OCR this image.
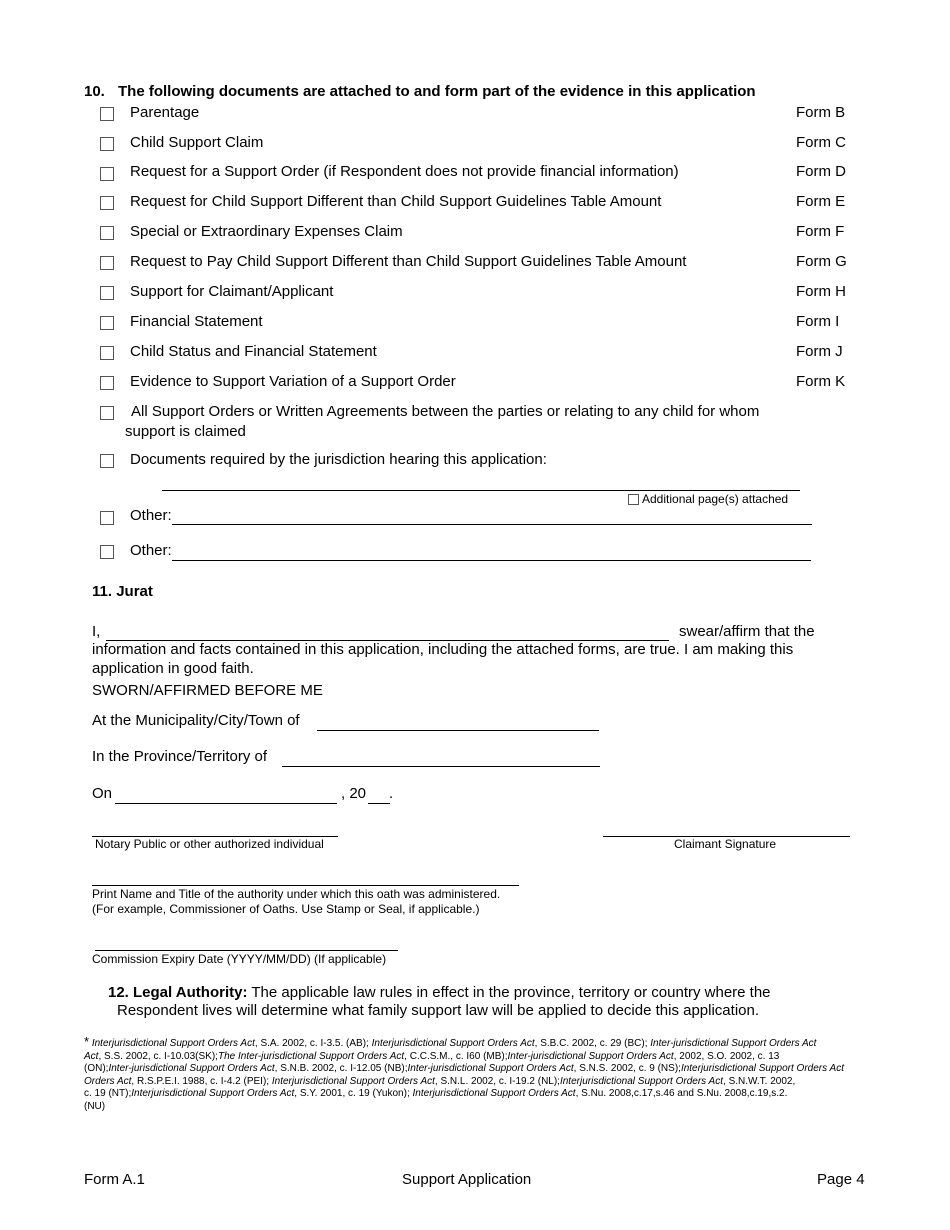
10. The following documents are attached to and form part of the evidence in this application
Parentage	Form B
Child Support Claim	Form C
Request for a Support Order (if Respondent does not provide financial information)	Form D
Request for Child Support Different than Child Support Guidelines Table Amount	Form E
Special or Extraordinary Expenses Claim	Form F
Request to Pay Child Support Different than Child Support Guidelines Table Amount	Form G
Support for Claimant/Applicant	Form H
Financial Statement	Form I
Child Status and Financial Statement	Form J
Evidence to Support Variation of a Support Order	Form K
All Support Orders or Written Agreements between the parties or relating to any child for whom
support is claimed
Documents required by the jurisdiction hearing this application:
Additional page(s) attached
Other:
Other:
11. Jurat
I,	swear/affirm that the
information and facts contained in this application, including the attached forms, are true. I am making this
application in good faith.
SWORN/AFFIRMED BEFORE ME
At the Municipality/City/Town of
In the Province/Territory of
On	, 20 .
Notary Public or other authorized individual	Claimant Signature
Print Name and Title of the authority under which this oath was administered.
(For example, Commissioner of Oaths. Use Stamp or Seal, if applicable.)
Commission Expiry Date (YYYY/MM/DD) (If applicable)
12. Legal Authority: The applicable law rules in effect in the province, territory or country where the
Respondent lives will determine what family support law will be applied to decide this application.
* Interjurisdictional Support Orders Act, S.A. 2002, c. I-3.5. (AB); Interjurisdictional Support Orders Act, S.B.C. 2002, c. 29 (BC); Inter-jurisdictional Support Orders Act
Act, S.S. 2002, c. I-10.03(SK);The Inter-jurisdictional Support Orders Act, C.C.S.M., c. I60 (MB);Inter-jurisdictional Support Orders Act, 2002, S.O. 2002, c. 13
(ON);Inter-jurisdictional Support Orders Act, S.N.B. 2002, c. I-12.05 (NB);Inter-jurisdictional Support Orders Act, S.N.S. 2002, c. 9 (NS);Interjurisdictional Support Orders Act
Orders Act, R.S.P.E.I. 1988, c. I-4.2 (PEI); Interjurisdictional Support Orders Act, S.N.L. 2002, c. I-19.2 (NL);Interjurisdictional Support Orders Act, S.N.W.T. 2002,
c. 19 (NT);Interjurisdictional Support Orders Act, S.Y. 2001, c. 19 (Yukon); Interjurisdictional Support Orders Act, S.Nu. 2008,c.17,s.46 and S.Nu. 2008,c.19,s.2.
(NU)
Form A.1	Support Application	Page 4
